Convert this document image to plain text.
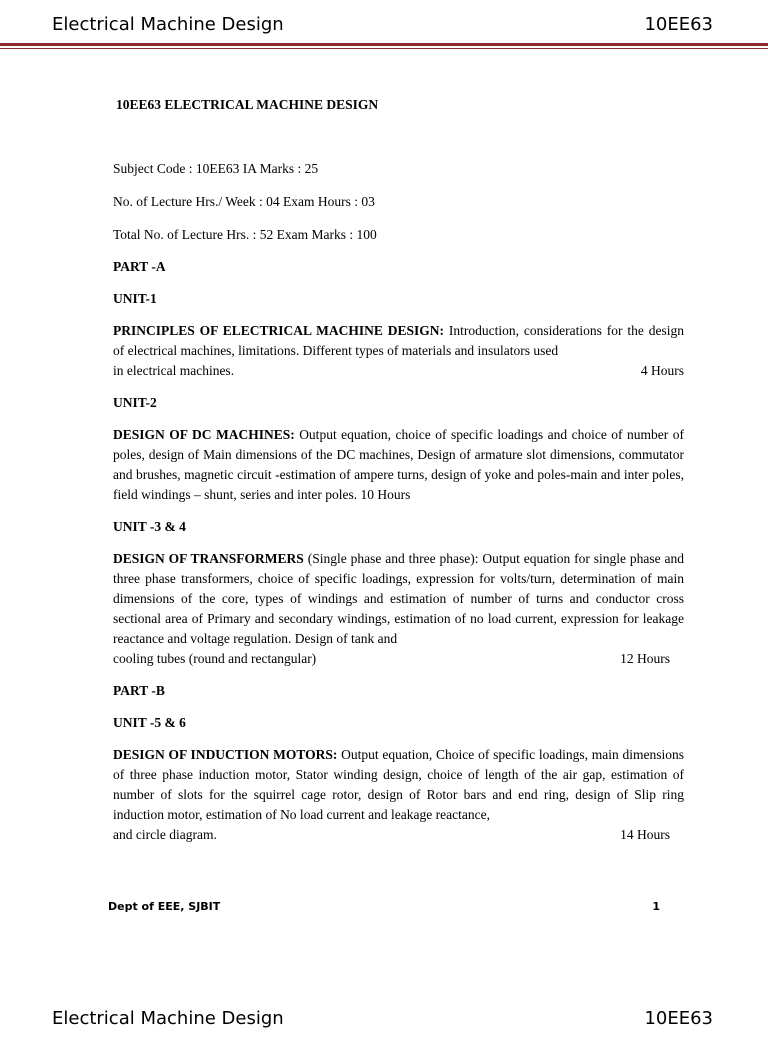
Electrical Machine Design	10EE63

10EE63 ELECTRICAL MACHINE DESIGN

Subject Code : 10EE63 IA Marks : 25

No. of Lecture Hrs./ Week : 04 Exam Hours : 03

Total No. of Lecture Hrs. : 52 Exam Marks : 100

PART -A

UNIT-1

PRINCIPLES OF ELECTRICAL MACHINE DESIGN: Introduction, considerations for the design of electrical machines, limitations. Different types of materials and insulators used
in electrical machines.	4 Hours

UNIT-2

DESIGN OF DC MACHINES: Output equation, choice of specific loadings and choice of number of poles, design of Main dimensions of the DC machines, Design of armature slot dimensions, commutator and brushes, magnetic circuit -estimation of ampere turns, design of yoke and poles-main and inter poles, field windings – shunt, series and inter poles. 10 Hours

UNIT -3 & 4

DESIGN OF TRANSFORMERS (Single phase and three phase): Output equation for single phase and three phase transformers, choice of specific loadings, expression for volts/turn, determination of main dimensions of the core, types of windings and estimation of number of turns and conductor cross sectional area of Primary and secondary windings, estimation of no load current, expression for leakage reactance and voltage regulation. Design of tank and
cooling tubes (round and rectangular)	12 Hours

PART -B

UNIT -5 & 6

DESIGN OF INDUCTION MOTORS: Output equation, Choice of specific loadings, main dimensions of three phase induction motor, Stator winding design, choice of length of the air gap, estimation of number of slots for the squirrel cage rotor, design of Rotor bars and end ring, design of Slip ring induction motor, estimation of No load current and leakage reactance,
and circle diagram.	14 Hours

Dept of EEE, SJBIT	1
Electrical Machine Design	10EE63
